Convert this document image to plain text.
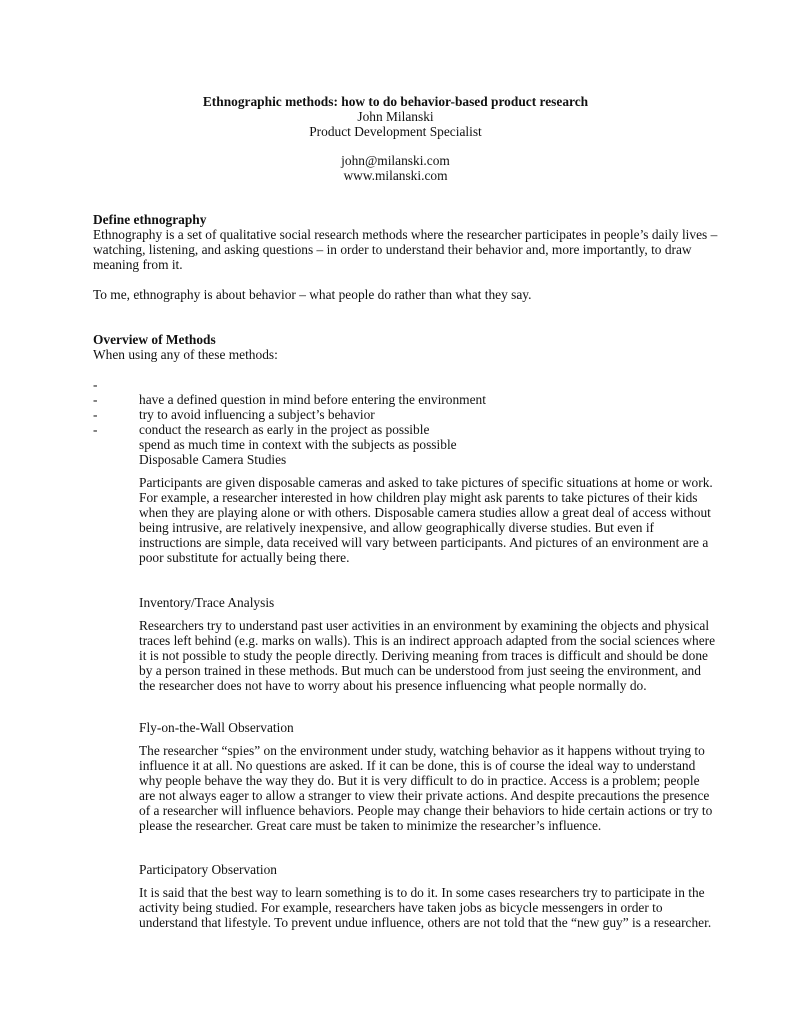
Ethnographic methods: how to do behavior-based product research
John Milanski
Product Development Specialist
john@milanski.com
www.milanski.com
Define ethnography
Ethnography is a set of qualitative social research methods where the researcher participates in people’s daily lives –
watching, listening, and asking questions – in order to understand their behavior and, more importantly, to draw
meaning from it.
To me, ethnography is about behavior – what people do rather than what they say.
Overview of Methods
When using any of these methods:

-

have a defined question in mind before entering the environment

-

try to avoid influencing a subject’s behavior

-

conduct the research as early in the project as possible

-

spend as much time in context with the subjects as possible

Disposable Camera Studies
Participants are given disposable cameras and asked to take pictures of specific situations at home or work.
For example, a researcher interested in how children play might ask parents to take pictures of their kids
when they are playing alone or with others. Disposable camera studies allow a great deal of access without
being intrusive, are relatively inexpensive, and allow geographically diverse studies. But even if
instructions are simple, data received will vary between participants. And pictures of an environment are a
poor substitute for actually being there.
Inventory/Trace Analysis
Researchers try to understand past user activities in an environment by examining the objects and physical
traces left behind (e.g. marks on walls). This is an indirect approach adapted from the social sciences where
it is not possible to study the people directly. Deriving meaning from traces is difficult and should be done
by a person trained in these methods. But much can be understood from just seeing the environment, and
the researcher does not have to worry about his presence influencing what people normally do.
Fly-on-the-Wall Observation
The researcher “spies” on the environment under study, watching behavior as it happens without trying to
influence it at all. No questions are asked. If it can be done, this is of course the ideal way to understand
why people behave the way they do. But it is very difficult to do in practice. Access is a problem; people
are not always eager to allow a stranger to view their private actions. And despite precautions the presence
of a researcher will influence behaviors. People may change their behaviors to hide certain actions or try to
please the researcher. Great care must be taken to minimize the researcher’s influence.
Participatory Observation
It is said that the best way to learn something is to do it. In some cases researchers try to participate in the
activity being studied. For example, researchers have taken jobs as bicycle messengers in order to
understand that lifestyle. To prevent undue influence, others are not told that the “new guy” is a researcher.
